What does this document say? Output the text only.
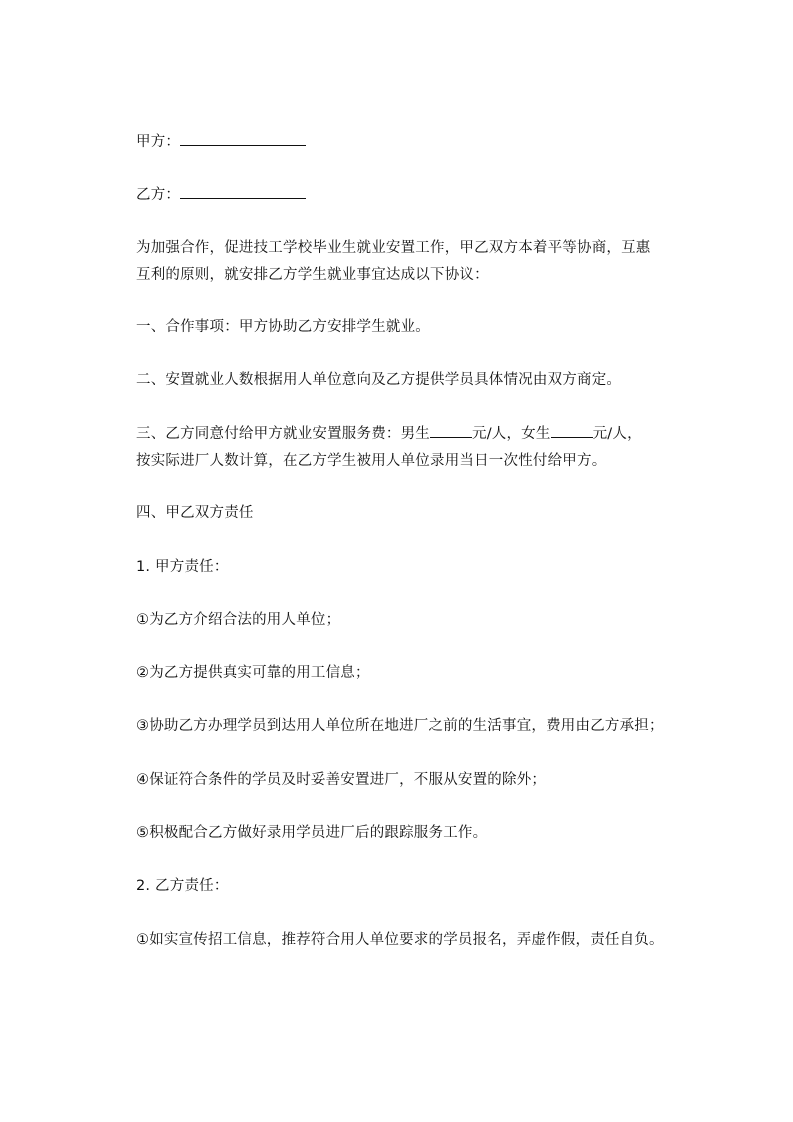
甲方：
乙方：
为加强合作，促进技工学校毕业生就业安置工作，甲乙双方本着平等协商，互惠
互利的原则，就安排乙方学生就业事宜达成以下协议：
一、合作事项：甲方协助乙方安排学生就业。
二、安置就业人数根据用人单位意向及乙方提供学员具体情况由双方商定。
三、乙方同意付给甲方就业安置服务费：男生	元/人，女生	元/人，
按实际进厂人数计算，在乙方学生被用人单位录用当日一次性付给甲方。
四、甲乙双方责任
1. 甲方责任：
①为乙方介绍合法的用人单位；
②为乙方提供真实可靠的用工信息；
③协助乙方办理学员到达用人单位所在地进厂之前的生活事宜，费用由乙方承担；
④保证符合条件的学员及时妥善安置进厂，不服从安置的除外；
⑤积极配合乙方做好录用学员进厂后的跟踪服务工作。
2. 乙方责任：
①如实宣传招工信息，推荐符合用人单位要求的学员报名，弄虚作假，责任自负。
